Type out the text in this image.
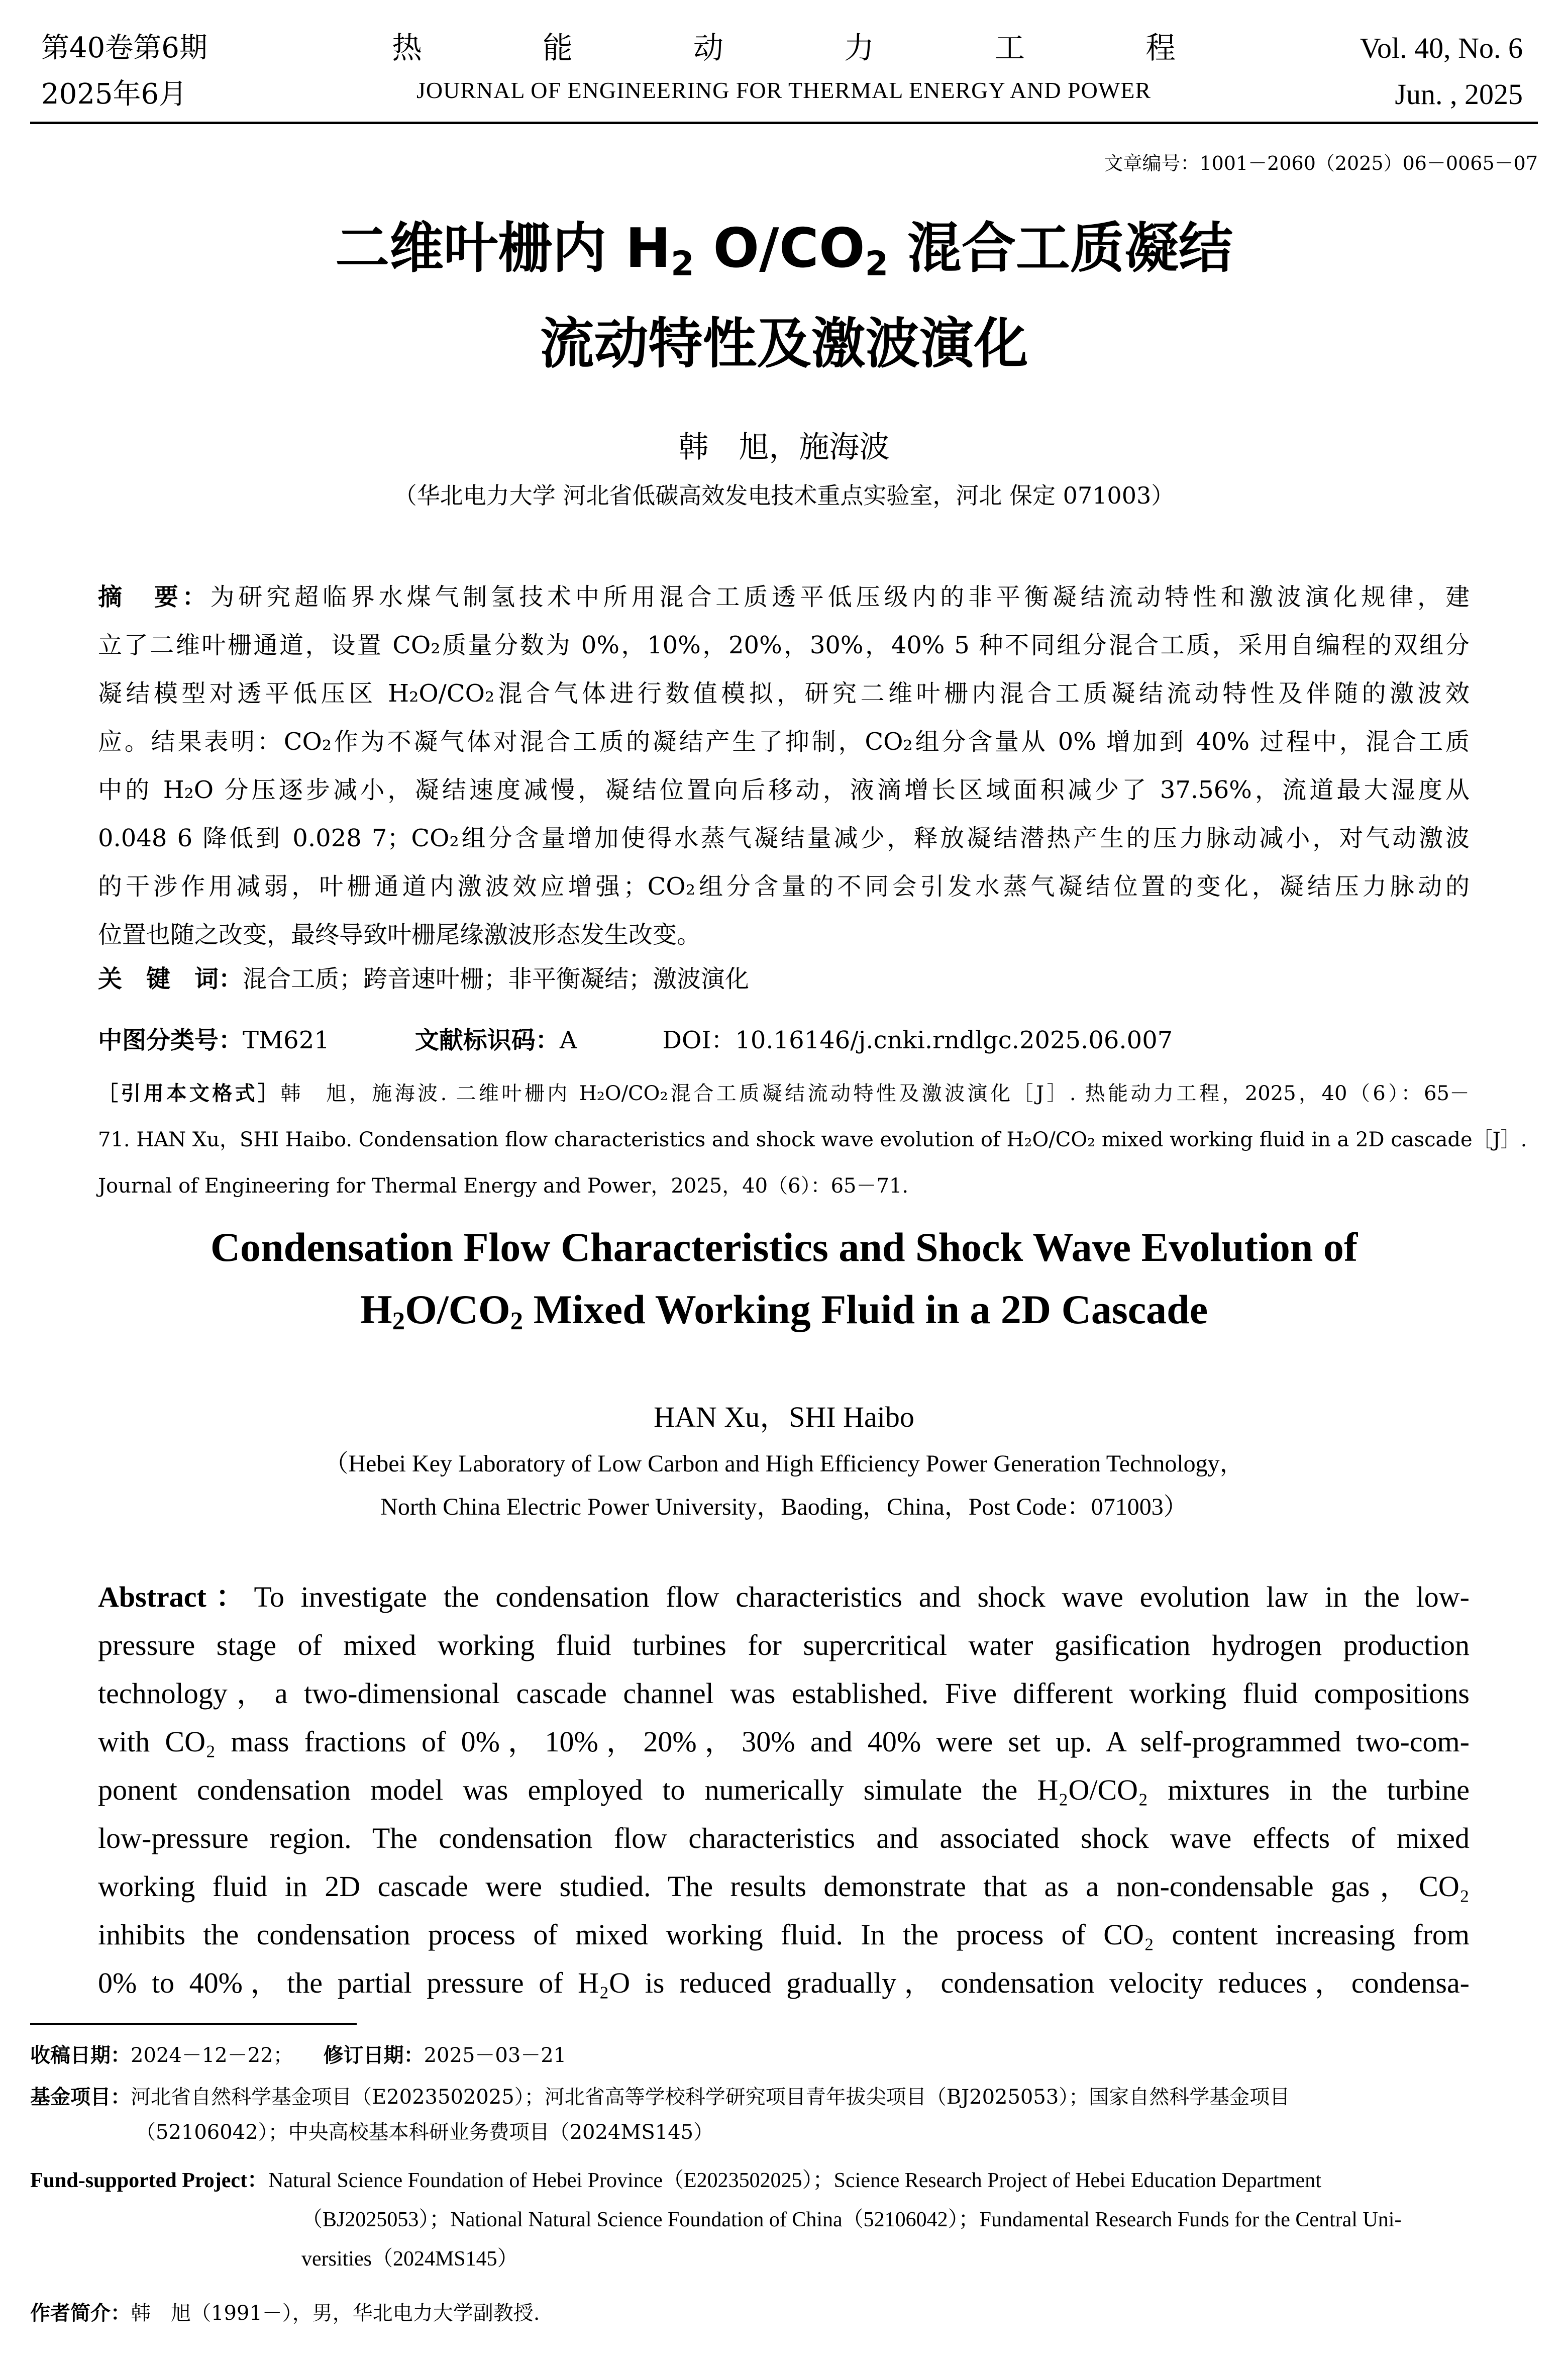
第40卷第6期
2025年6月
热	能	动	力	工	程
JOURNAL OF ENGINEERING FOR THERMAL ENERGY AND POWER
Vol. 40, No. 6
Jun. , 2025
文章编号：1001－2060（2025）06－0065－07
二维叶栅内 $H_2$ $O/CO_2$ 混合工质凝结
流动特性及激波演化
韩　旭，施海波
（华北电力大学 河北省低碳高效发电技术重点实验室，河北 保定 071003）
摘　要：为研究超临界水煤气制氢技术中所用混合工质透平低压级内的非平衡凝结流动特性和激波演化规律，建
立了二维叶栅通道，设置 CO₂质量分数为 0%，10%，20%，30%，40% 5 种不同组分混合工质，采用自编程的双组分
凝结模型对透平低压区 H₂O/CO₂混合气体进行数值模拟，研究二维叶栅内混合工质凝结流动特性及伴随的激波效
应。结果表明：CO₂作为不凝气体对混合工质的凝结产生了抑制，CO₂组分含量从 0% 增加到 40% 过程中，混合工质
中的 H₂O 分压逐步减小，凝结速度减慢，凝结位置向后移动，液滴增长区域面积减少了 37.56%，流道最大湿度从
0.048 6 降低到 0.028 7；CO₂组分含量增加使得水蒸气凝结量减少，释放凝结潜热产生的压力脉动减小，对气动激波
的干涉作用减弱，叶栅通道内激波效应增强；CO₂组分含量的不同会引发水蒸气凝结位置的变化，凝结压力脉动的
位置也随之改变，最终导致叶栅尾缘激波形态发生改变。
关　键　词：混合工质；跨音速叶栅；非平衡凝结；激波演化
中图分类号：TM621	文献标识码：A	DOI：10.16146/j.cnki.rndlgc.2025.06.007
［引用本文格式］韩　旭，施海波. 二维叶栅内 H₂O/CO₂混合工质凝结流动特性及激波演化［J］. 热能动力工程，2025，40（6）：65－
71. HAN Xu，SHI Haibo. Condensation flow characteristics and shock wave evolution of H₂O/CO₂ mixed working fluid in a 2D cascade［J］.
Journal of Engineering for Thermal Energy and Power，2025，40（6）：65－71.
Condensation Flow Characteristics and Shock Wave Evolution of
$H_2O/CO_2$ Mixed Working Fluid in a 2D Cascade
HAN Xu，SHI Haibo
（Hebei Key Laboratory of Low Carbon and High Efficiency Power Generation Technology，
North China Electric Power University，Baoding，China，Post Code：071003）
Abstract：To investigate the condensation flow characteristics and shock wave evolution law in the low-
pressure stage of mixed working fluid turbines for supercritical water gasification hydrogen production
technology，a two-dimensional cascade channel was established. Five different working fluid compositions
with CO₂ mass fractions of 0%，10%，20%，30% and 40% were set up. A self-programmed two-com-
ponent condensation model was employed to numerically simulate the H₂O/CO₂ mixtures in the turbine
low-pressure region. The condensation flow characteristics and associated shock wave effects of mixed
working fluid in 2D cascade were studied. The results demonstrate that as a non-condensable gas，CO₂
inhibits the condensation process of mixed working fluid. In the process of CO₂ content increasing from
0% to 40%，the partial pressure of H₂O is reduced gradually，condensation velocity reduces，condensa-
收稿日期：2024－12－22；　　 修订日期：2025－03－21
基金项目：河北省自然科学基金项目（E2023502025）；河北省高等学校科学研究项目青年拔尖项目（BJ2025053）；国家自然科学基金项目
（52106042）；中央高校基本科研业务费项目（2024MS145）
Fund-supported Project：Natural Science Foundation of Hebei Province（E2023502025）；Science Research Project of Hebei Education Department
（BJ2025053）；National Natural Science Foundation of China（52106042）；Fundamental Research Funds for the Central Uni-
versities（2024MS145）
作者简介：韩　旭（1991－），男，华北电力大学副教授.
